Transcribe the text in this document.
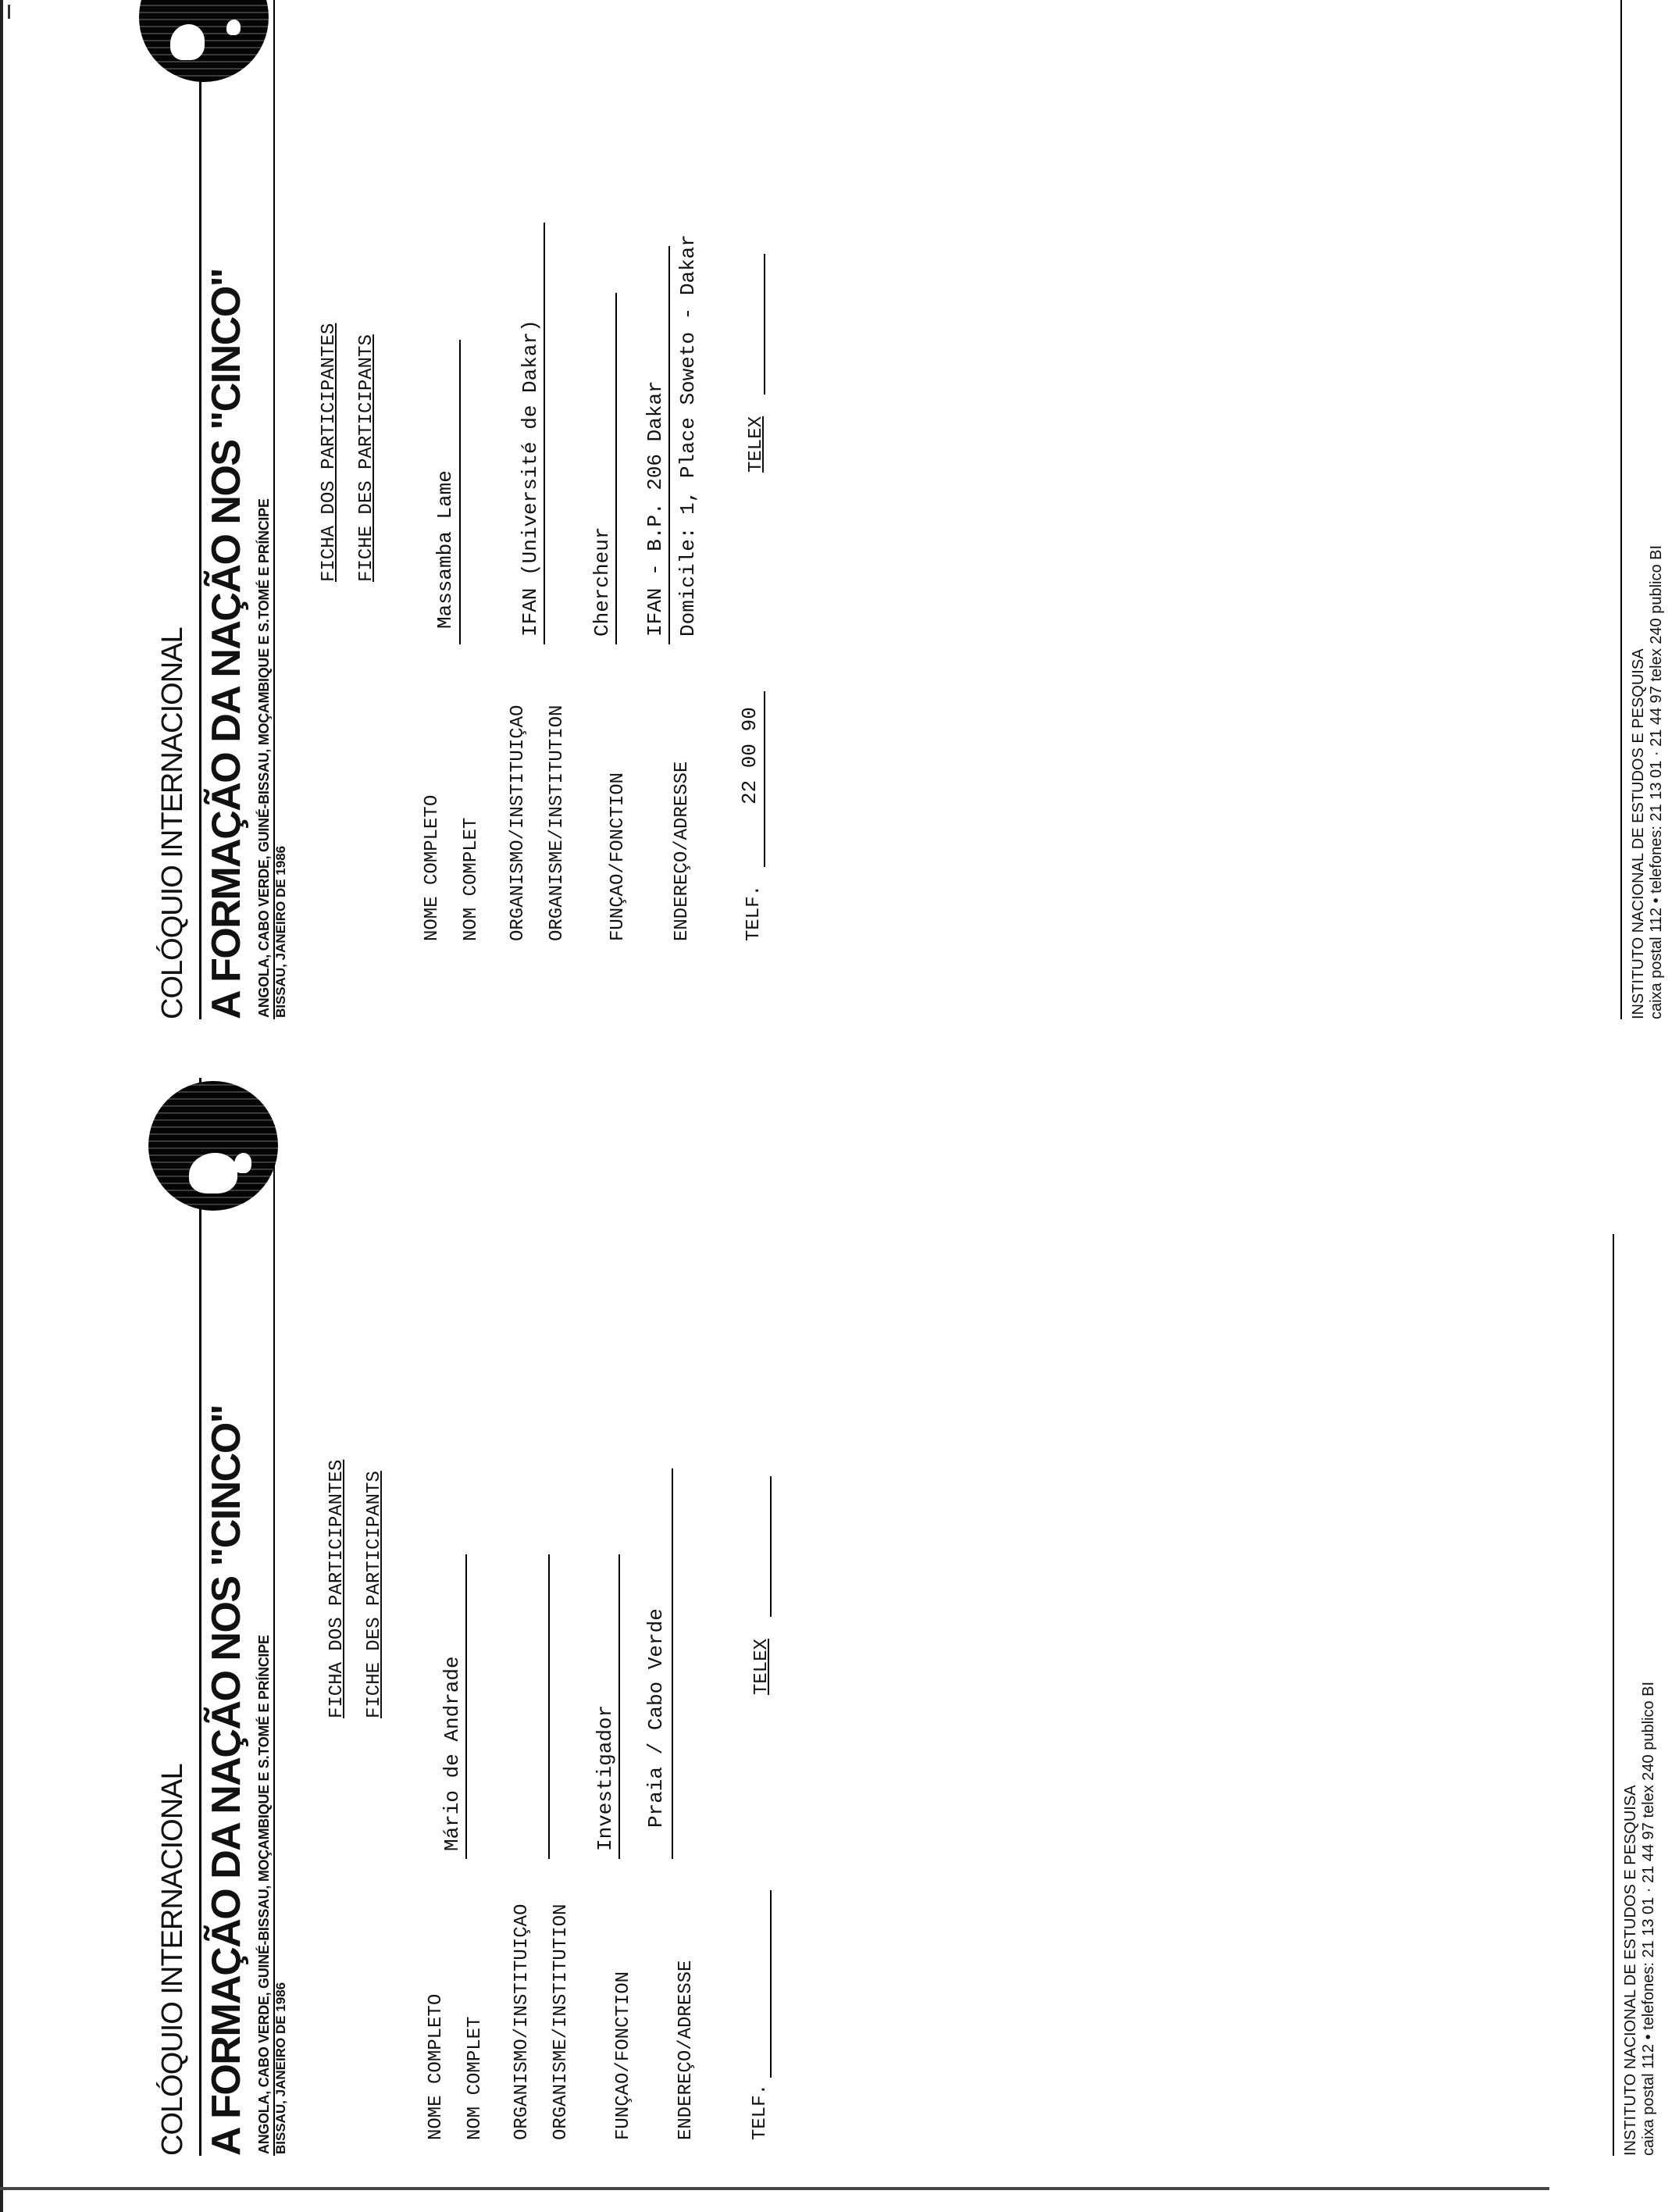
COLÓQUIO INTERNACIONAL A FORMAÇÃO DA NAÇÃO NOS "CINCO" ANGOLA, CABO VERDE, GUINÉ-BISSAU, MOÇAMBIQUE E S.TOMÉ E PRÍNCIPE BISSAU, JANEIRO DE 1986
FICHA DOS PARTICIPANTES FICHE DES PARTICIPANTS
NOME COMPLETO NOM COMPLET
Mário de Andrade
ORGANISMO/INSTITUIÇAO ORGANISME/INSTITUTION FUNÇAO/FONCTION
Investigador
ENDEREÇO/ADRESSE
Praia / Cabo Verde
TELF.
TELEX
INSTITUTO NACIONAL DE ESTUDOS E PESQUISA caixa postal 112 • telefones: 21 13 01 · 21 44 97 telex 240 publico BI
COLÓQUIO INTERNACIONAL A FORMAÇÃO DA NAÇÃO NOS "CINCO" ANGOLA, CABO VERDE, GUINÉ-BISSAU, MOÇAMBIQUE E S.TOMÉ E PRÍNCIPE BISSAU, JANEIRO DE 1986
FICHA DOS PARTICIPANTES FICHE DES PARTICIPANTS
NOME COMPLETO NOM COMPLET
Massamba Lame
ORGANISMO/INSTITUIÇAO ORGANISME/INSTITUTION
IFAN (Université de Dakar)
FUNÇAO/FONCTION
Chercheur
ENDEREÇO/ADRESSE
IFAN - B.P. 206 Dakar Domicile: 1, Place Soweto - Dakar
TELF.
22 00 90
TELEX
INSTITUTO NACIONAL DE ESTUDOS E PESQUISA caixa postal 112 • telefones: 21 13 01 · 21 44 97 telex 240 publico BI
